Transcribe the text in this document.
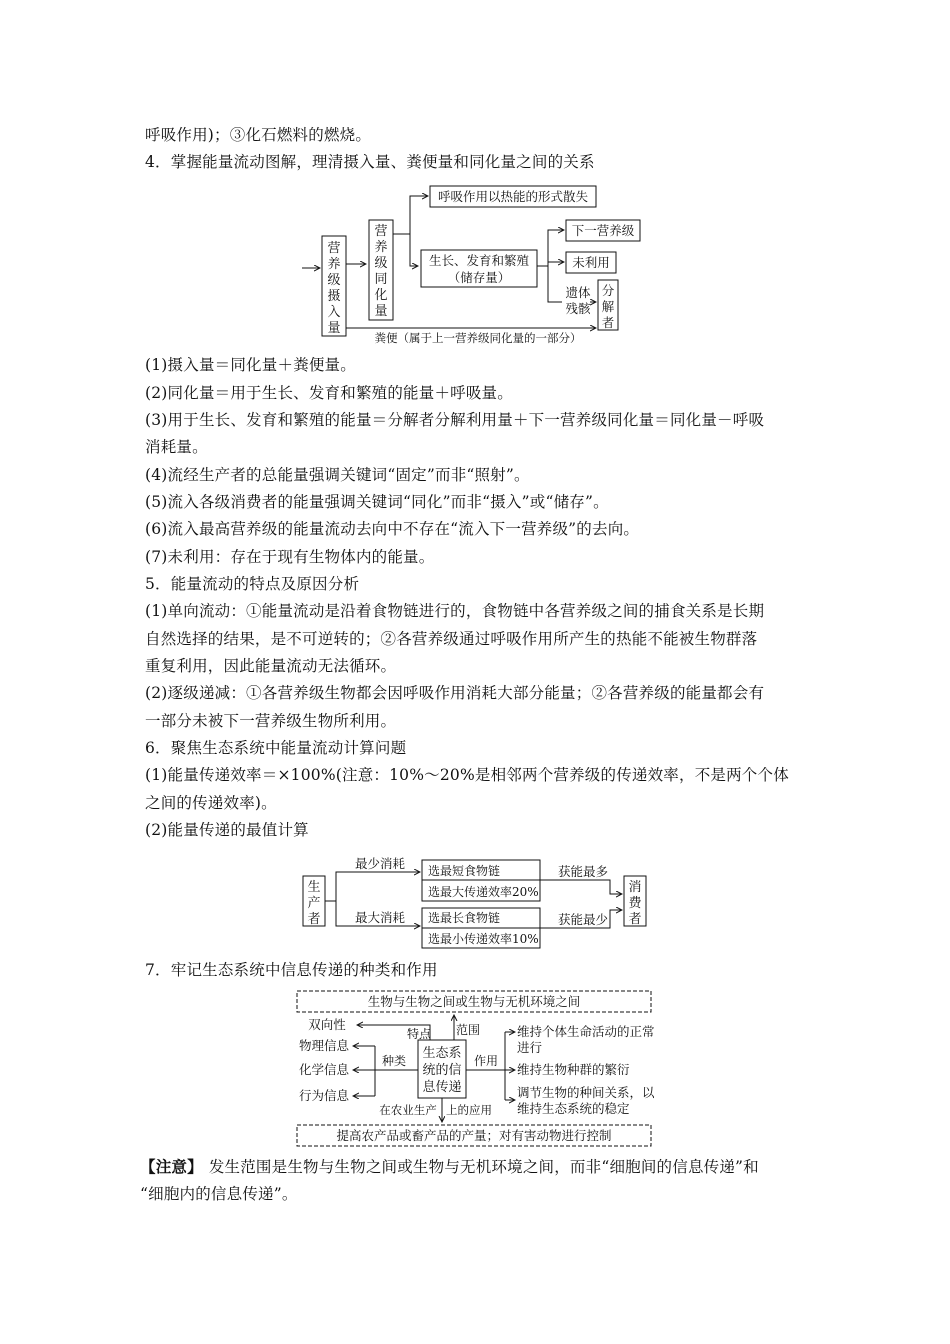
呼吸作用)；③化石燃料的燃烧。
4．掌握能量流动图解，理清摄入量、粪便量和同化量之间的关系
营
养
级
摄
入
量
营
养
级
同
化
量
呼吸作用以热能的形式散失
生长、发育和繁殖
（储存量）
下一营养级
未利用
遗体
残骸
分
解
者
粪便（属于上一营养级同化量的一部分）
(1)摄入量＝同化量＋粪便量。
(2)同化量＝用于生长、发育和繁殖的能量＋呼吸量。
(3)用于生长、发育和繁殖的能量＝分解者分解利用量＋下一营养级同化量＝同化量－呼吸
消耗量。
(4)流经生产者的总能量强调关键词“固定”而非“照射”。
(5)流入各级消费者的能量强调关键词“同化”而非“摄入”或“储存”。
(6)流入最高营养级的能量流动去向中不存在“流入下一营养级”的去向。
(7)未利用：存在于现有生物体内的能量。
5．能量流动的特点及原因分析
(1)单向流动：①能量流动是沿着食物链进行的，食物链中各营养级之间的捕食关系是长期
自然选择的结果，是不可逆转的；②各营养级通过呼吸作用所产生的热能不能被生物群落
重复利用，因此能量流动无法循环。
(2)逐级递减：①各营养级生物都会因呼吸作用消耗大部分能量；②各营养级的能量都会有
一部分未被下一营养级生物所利用。
6．聚焦生态系统中能量流动计算问题
(1)能量传递效率＝×100%(注意：10%～20%是相邻两个营养级的传递效率，不是两个个体
之间的传递效率)。
(2)能量传递的最值计算
生
产
者
最少消耗
最大消耗
选最短食物链
选最大传递效率20%
选最长食物链
选最小传递效率10%
获能最多
获能最少
消
费
者
7．牢记生态系统中信息传递的种类和作用
生物与生物之间或生物与无机环境之间
生态系
统的信
息传递
范围
特点
双向性
种类
物理信息
化学信息
行为信息
作用
维持个体生命活动的正常
进行
维持生物种群的繁衍
调节生物的种间关系，以
维持生态系统的稳定
在农业生产 上的应用
提高农产品或畜产品的产量；对有害动物进行控制
【注意】 发生范围是生物与生物之间或生物与无机环境之间，而非“细胞间的信息传递”和
“细胞内的信息传递”。
